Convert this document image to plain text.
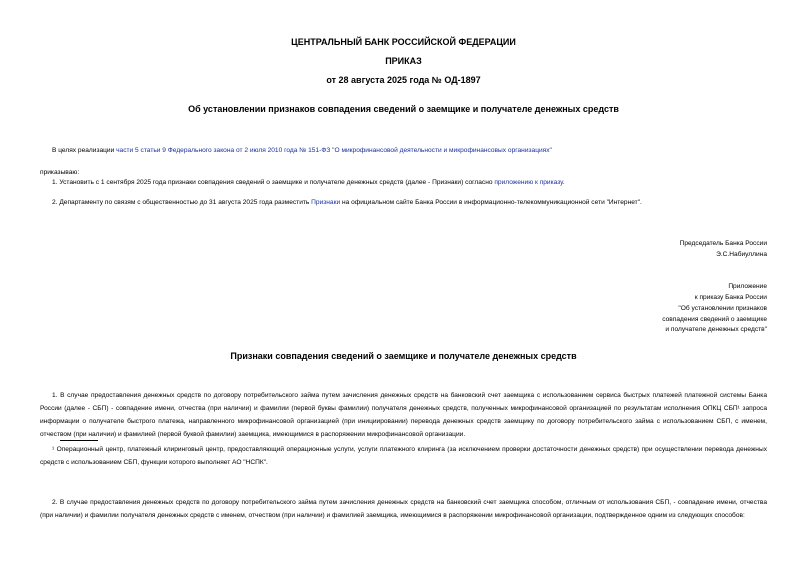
ЦЕНТРАЛЬНЫЙ БАНК РОССИЙСКОЙ ФЕДЕРАЦИИ
ПРИКАЗ
от 28 августа 2025 года № ОД-1897
Об установлении признаков совпадения сведений о заемщике и получателе денежных средств
В целях реализации части 5 статьи 9 Федерального закона от 2 июля 2010 года № 151-ФЗ "О микрофинансовой деятельности и микрофинансовых организациях"
приказываю:
1. Установить с 1 сентября 2025 года признаки совпадения сведений о заемщике и получателе денежных средств (далее - Признаки) согласно приложению к приказу.
2. Департаменту по связям с общественностью до 31 августа 2025 года разместить Признаки на официальном сайте Банка России в информационно-телекоммуникационной сети "Интернет".
Председатель Банка России
Э.С.Набиуллина
Приложение
к приказу Банка России
"Об установлении признаков
совпадения сведений о заемщике
и получателе денежных средств"
Признаки совпадения сведений о заемщике и получателе денежных средств
1. В случае предоставления денежных средств по договору потребительского займа путем зачисления денежных средств на банковский счет заемщика с использованием сервиса быстрых платежей платежной системы Банка России (далее - СБП) - совпадение имени, отчества (при наличии) и фамилии (первой буквы фамилии) получателя денежных средств, полученных микрофинансовой организацией по результатам исполнения ОПКЦ СБП¹ запроса информации о получателе быстрого платежа, направленного микрофинансовой организацией (при инициировании) перевода денежных средств заемщику по договору потребительского займа с использованием СБП, с именем, отчеством (при наличии) и фамилией (первой буквой фамилии) заемщика, имеющимися в распоряжении микрофинансовой организации.
¹ Операционный центр, платежный клиринговый центр, предоставляющий операционные услуги, услуги платежного клиринга (за исключением проверки достаточности денежных средств) при осуществлении перевода денежных средств с использованием СБП, функции которого выполняет АО "НСПК".
2. В случае предоставления денежных средств по договору потребительского займа путем зачисления денежных средств на банковский счет заемщика способом, отличным от использования СБП, - совпадение имени, отчества (при наличии) и фамилии получателя денежных средств с именем, отчеством (при наличии) и фамилией заемщика, имеющимися в распоряжении микрофинансовой организации, подтвержденное одним из следующих способов:
